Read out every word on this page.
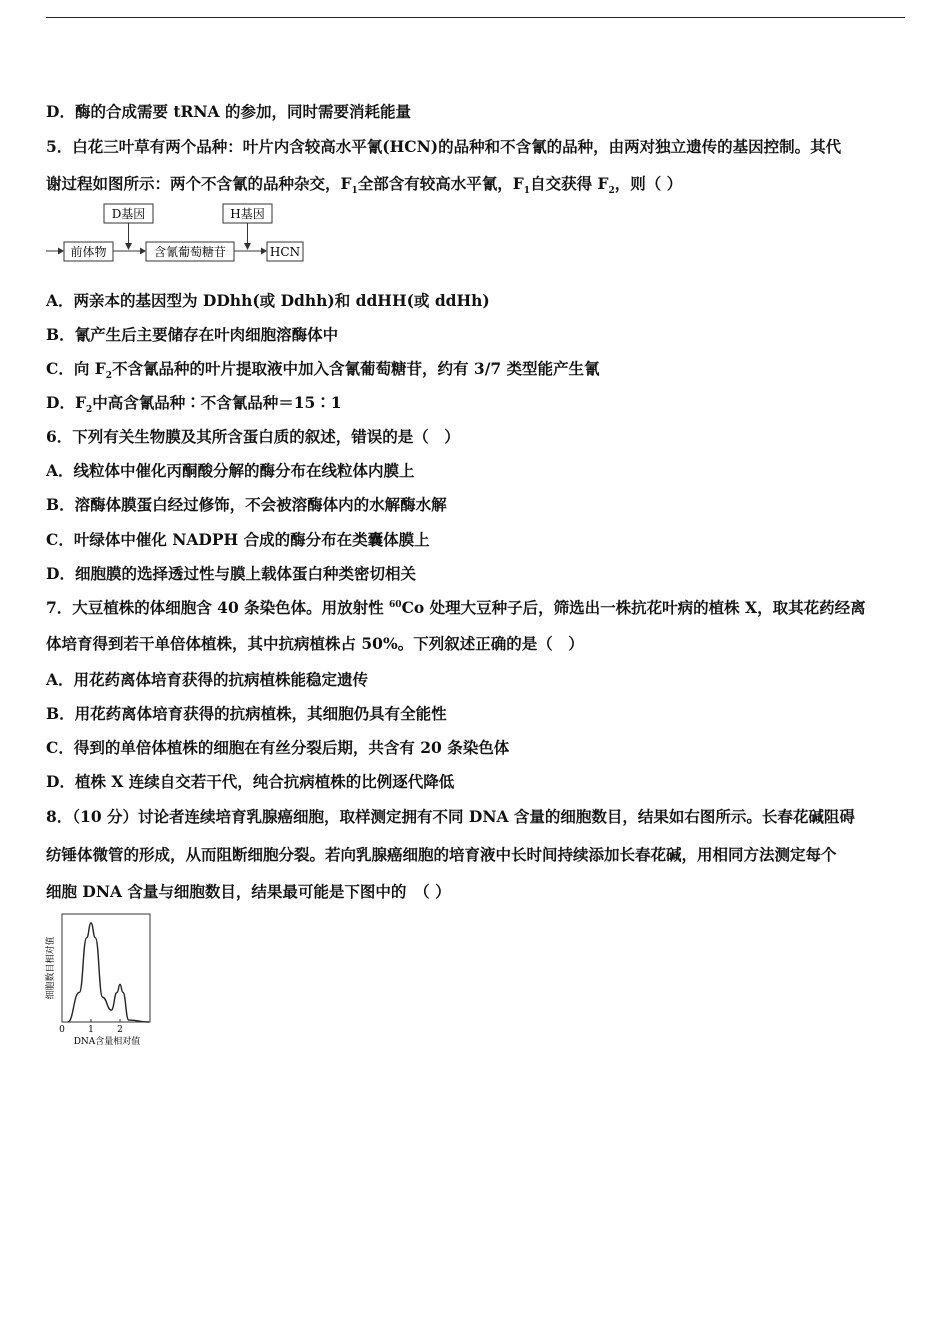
D．酶的合成需要 tRNA 的参加，同时需要消耗能量
5．白花三叶草有两个品种：叶片内含较高水平氰(HCN)的品种和不含氰的品种，由两对独立遗传的基因控制。其代
谢过程如图所示：两个不含氰的品种杂交，$F_1$全部含有较高水平氰，$F_1$自交获得 $F_2$，则（ ）
D基因	H基因
前体物	含氰葡萄糖苷	HCN
A．两亲本的基因型为 DDhh(或 Ddhh)和 ddHH(或 ddHh)
B．氰产生后主要储存在叶肉细胞溶酶体中
C．向 $F_2$不含氰品种的叶片提取液中加入含氰葡萄糖苷，约有 3/7 类型能产生氰
D．$F_2$中高含氰品种∶不含氰品种＝15∶1
6．下列有关生物膜及其所含蛋白质的叙述，错误的是（　）
A．线粒体中催化丙酮酸分解的酶分布在线粒体内膜上
B．溶酶体膜蛋白经过修饰，不会被溶酶体内的水解酶水解
C．叶绿体中催化 NADPH 合成的酶分布在类囊体膜上
D．细胞膜的选择透过性与膜上载体蛋白种类密切相关
7．大豆植株的体细胞含 40 条染色体。用放射性 $^{60}$Co 处理大豆种子后，筛选出一株抗花叶病的植株 X，取其花药经离
体培育得到若干单倍体植株，其中抗病植株占 50%。下列叙述正确的是（　）
A．用花药离体培育获得的抗病植株能稳定遗传
B．用花药离体培育获得的抗病植株，其细胞仍具有全能性
C．得到的单倍体植株的细胞在有丝分裂后期，共含有 20 条染色体
D．植株 X 连续自交若干代，纯合抗病植株的比例逐代降低
8．（10 分）讨论者连续培育乳腺癌细胞，取样测定拥有不同 DNA 含量的细胞数目，结果如右图所示。长春花碱阻碍
纺锤体微管的形成，从而阻断细胞分裂。若向乳腺癌细胞的培育液中长时间持续添加长春花碱，用相同方法测定每个
细胞 DNA 含量与细胞数目，结果最可能是下图中的　（ ）
细胞数目相对值
DNA含量相对值
0	1	2
